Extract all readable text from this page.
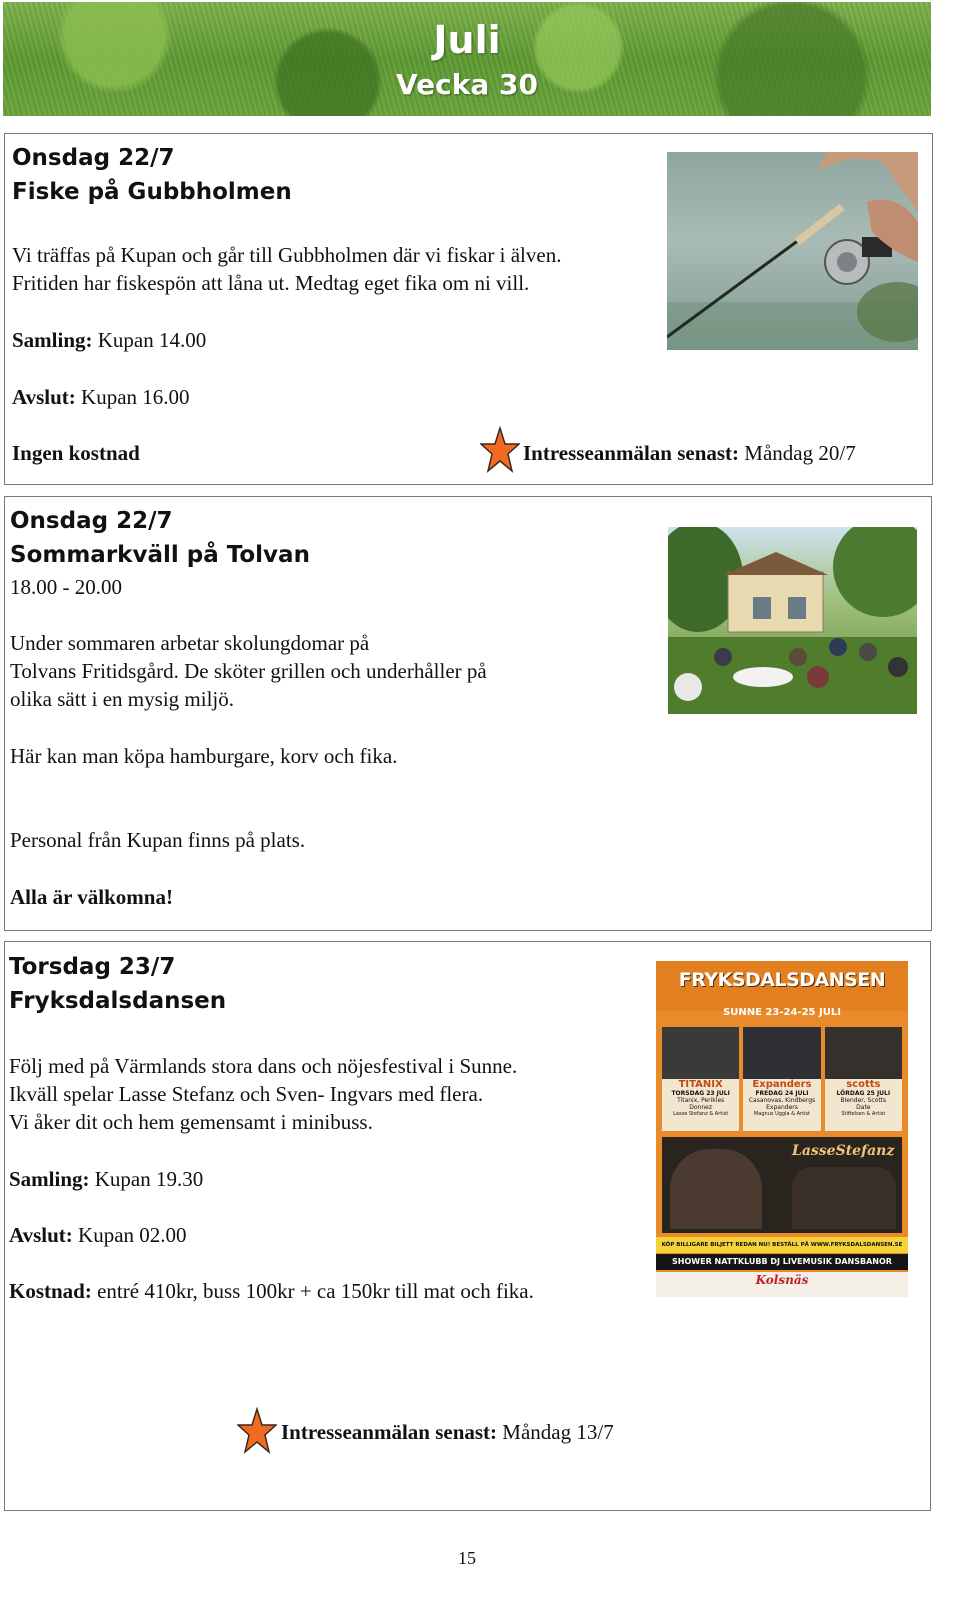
Juli
Vecka 30
Onsdag 22/7
Fiske på Gubbholmen
Vi träffas på Kupan och går till Gubbholmen där vi fiskar i älven.
Fritiden har fiskespön att låna ut. Medtag eget fika om ni vill.
Samling: Kupan 14.00
Avslut: Kupan 16.00
Ingen kostnad	Intresseanmälan senast: Måndag 20/7
Onsdag 22/7
Sommarkväll på Tolvan
18.00 - 20.00
Under sommaren arbetar skolungdomar på
Tolvans Fritidsgård. De sköter grillen och underhåller på
olika sätt i en mysig miljö.
Här kan man köpa hamburgare, korv och fika.
Personal från Kupan finns på plats.
Alla är välkomna!
Torsdag 23/7
Fryksdalsdansen
Följ med på Värmlands stora dans och nöjesfestival i Sunne.
Ikväll spelar Lasse Stefanz och Sven- Ingvars med flera.
Vi åker dit och hem gemensamt i minibuss.
Samling: Kupan 19.30
Avslut: Kupan 02.00
Kostnad: entré 410kr, buss 100kr + ca 150kr till mat och fika.
Intresseanmälan senast: Måndag 13/7
FRYKSDALSDANSEN
SUNNE 23-24-25 JULI
TITANIX
TORSDAG 23 JULI
Titanix, Perikles
Donnez
Lasse Stefanz & Artist
Expanders
FREDAG 24 JULI
Casanovas, Kindbergs
Expanders
Magnus Uggla & Artist
scotts
LÖRDAG 25 JULI
Blender, Scotts
Date
Stiftelsen & Artist
LasseStefanz
KÖP BILLIGARE BILJETT REDAN NU! BESTÄLL PÅ WWW.FRYKSDALSDANSEN.SE
SHOWER NATTKLUBB DJ LIVEMUSIK DANSBANOR
Kolsnäs
15
